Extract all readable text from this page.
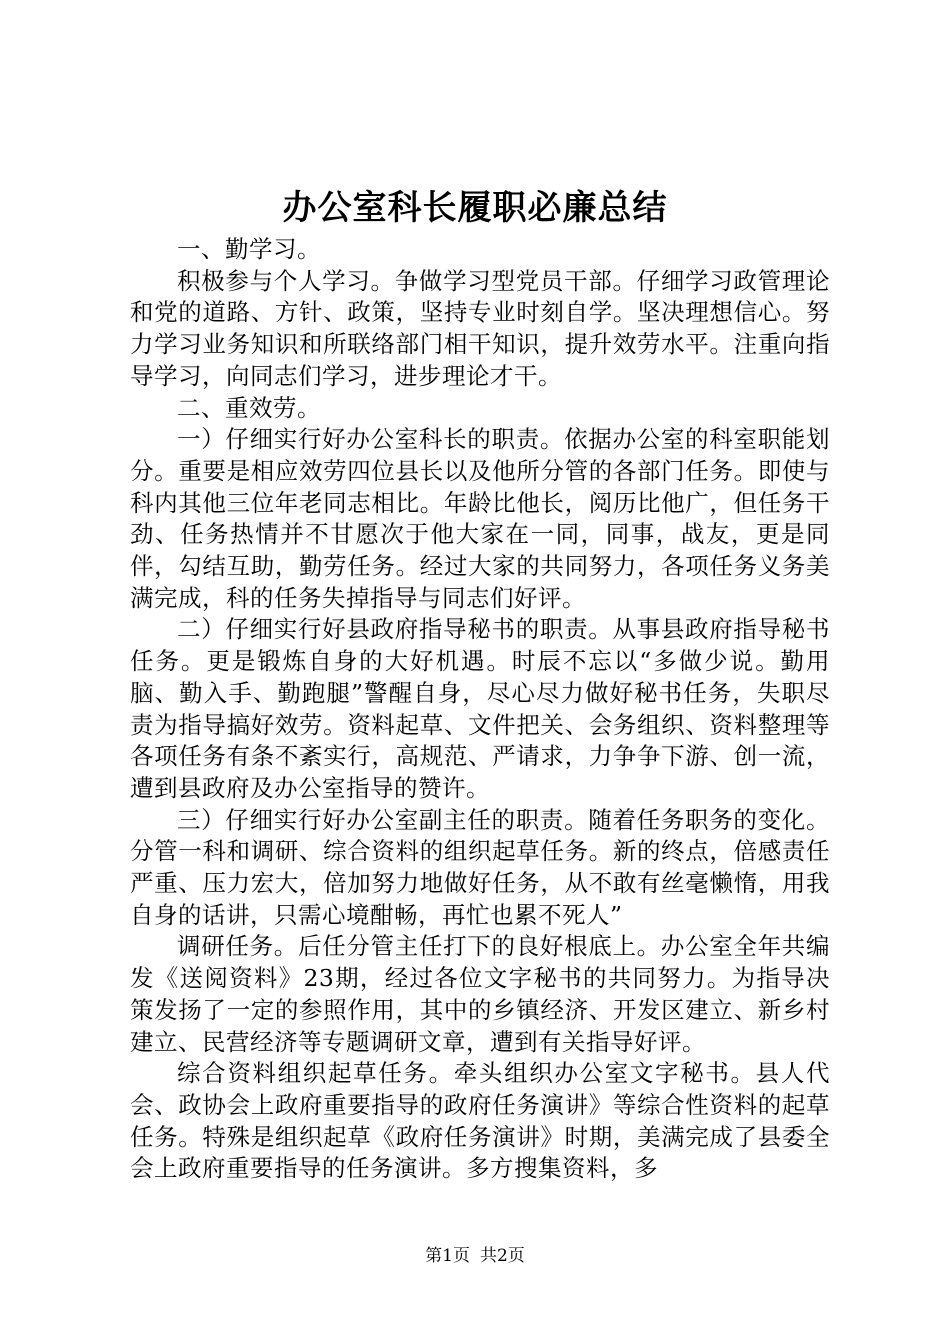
办公室科长履职必廉总结

一、勤学习。

积极参与个人学习。争做学习型党员干部。仔细学习政管理论和党的道路、方针、政策，坚持专业时刻自学。坚决理想信心。努力学习业务知识和所联络部门相干知识，提升效劳水平。注重向指导学习，向同志们学习，进步理论才干。

二、重效劳。

一）仔细实行好办公室科长的职责。依据办公室的科室职能划分。重要是相应效劳四位县长以及他所分管的各部门任务。即使与科内其他三位年老同志相比。年龄比他长，阅历比他广，但任务干劲、任务热情并不甘愿次于他大家在一同，同事，战友，更是同伴，勾结互助，勤劳任务。经过大家的共同努力，各项任务义务美满完成，科的任务失掉指导与同志们好评。

二）仔细实行好县政府指导秘书的职责。从事县政府指导秘书任务。更是锻炼自身的大好机遇。时辰不忘以“多做少说。勤用脑、勤入手、勤跑腿”警醒自身，尽心尽力做好秘书任务，失职尽责为指导搞好效劳。资料起草、文件把关、会务组织、资料整理等各项任务有条不紊实行，高规范、严请求，力争争下游、创一流，遭到县政府及办公室指导的赞许。

三）仔细实行好办公室副主任的职责。随着任务职务的变化。分管一科和调研、综合资料的组织起草任务。新的终点，倍感责任严重、压力宏大，倍加努力地做好任务，从不敢有丝毫懒惰，用我自身的话讲，只需心境酣畅，再忙也累不死人”

调研任务。后任分管主任打下的良好根底上。办公室全年共编发《送阅资料》23期，经过各位文字秘书的共同努力。为指导决策发扬了一定的参照作用，其中的乡镇经济、开发区建立、新乡村建立、民营经济等专题调研文章，遭到有关指导好评。

综合资料组织起草任务。牵头组织办公室文字秘书。县人代会、政协会上政府重要指导的政府任务演讲》等综合性资料的起草任务。特殊是组织起草《政府任务演讲》时期，美满完成了县委全会上政府重要指导的任务演讲。多方搜集资料，多

第1页 共2页
